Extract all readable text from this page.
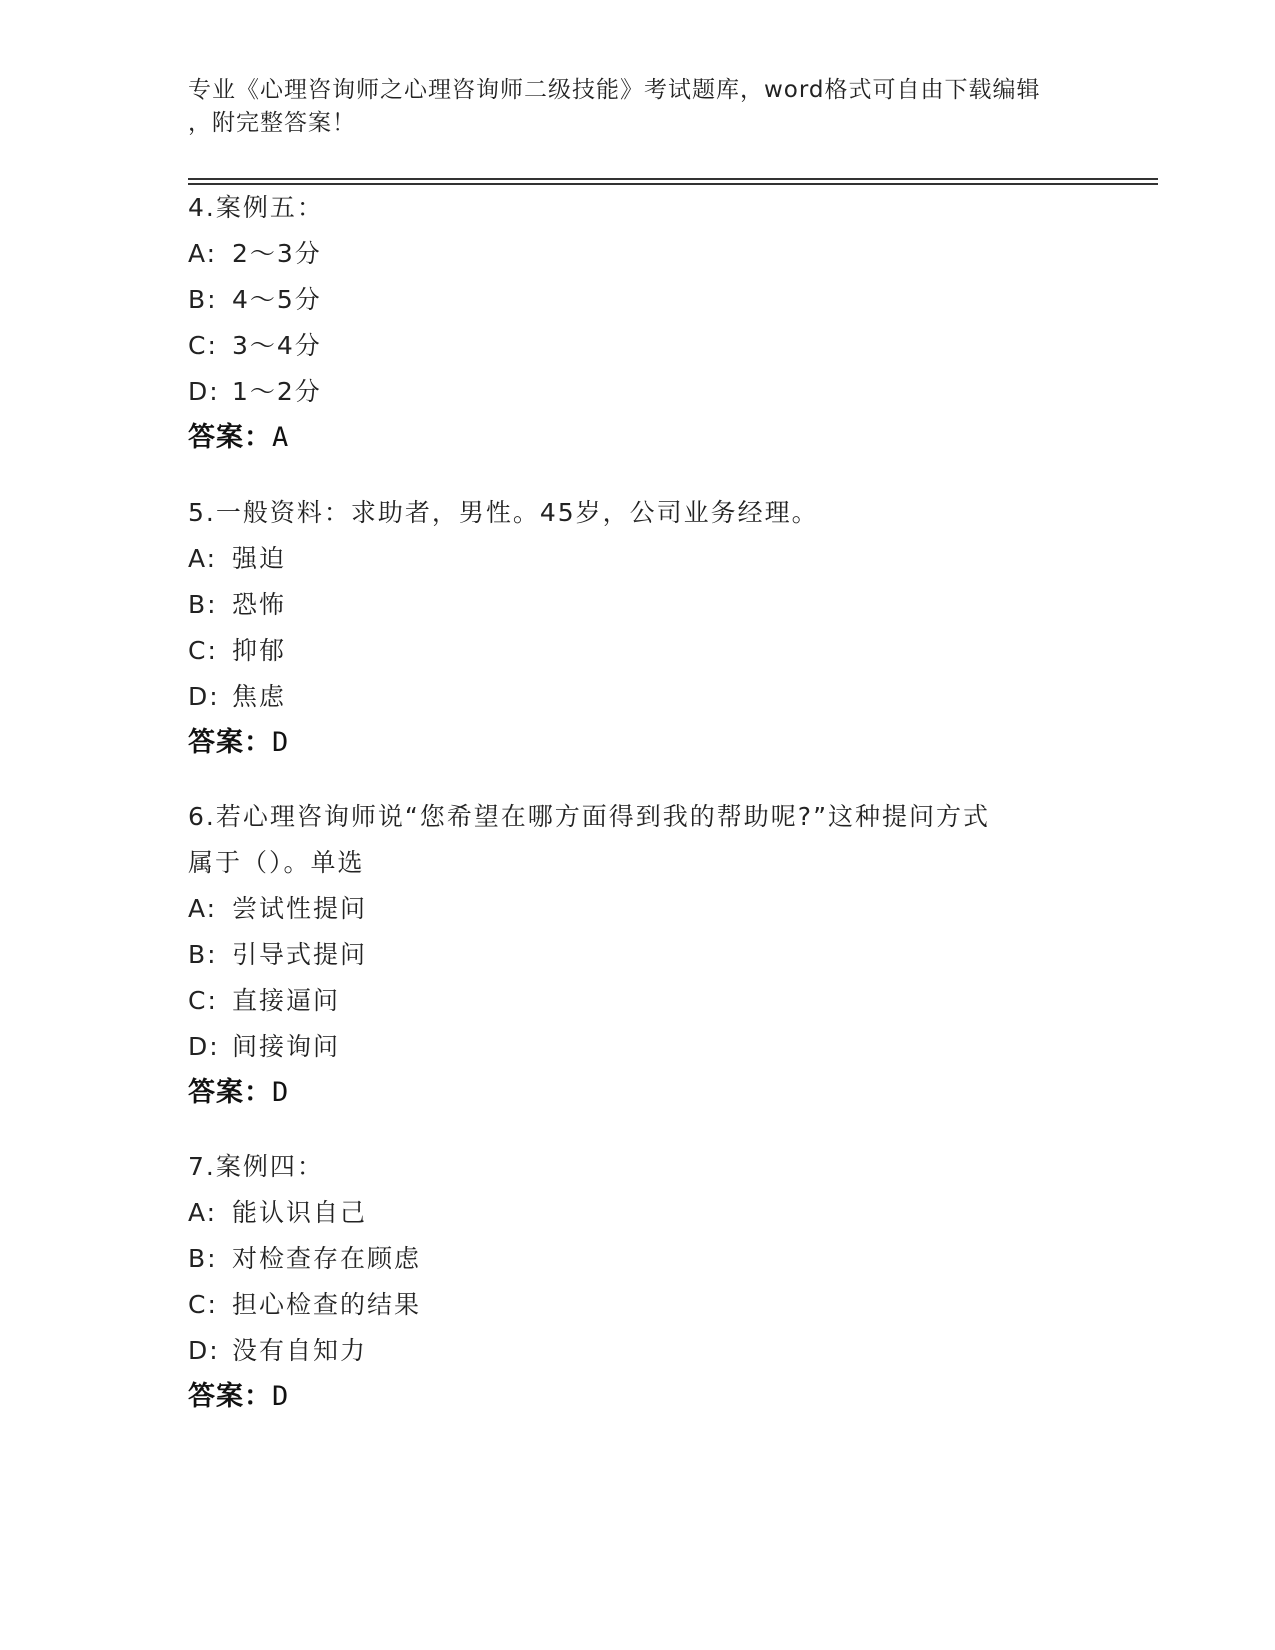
专业《心理咨询师之心理咨询师二级技能》考试题库，word格式可自由下载编辑
，附完整答案！
4.案例五：
A: 2～3分
B: 4～5分
C: 3～4分
D: 1～2分
答案：A
5.一般资料：求助者，男性。45岁，公司业务经理。
A: 强迫
B: 恐怖
C: 抑郁
D: 焦虑
答案：D
6.若心理咨询师说“您希望在哪方面得到我的帮助呢?”这种提问方式
属于（）。单选
A: 尝试性提问
B: 引导式提问
C: 直接逼问
D: 间接询问
答案：D
7.案例四：
A: 能认识自己
B: 对检查存在顾虑
C: 担心检查的结果
D: 没有自知力
答案：D
